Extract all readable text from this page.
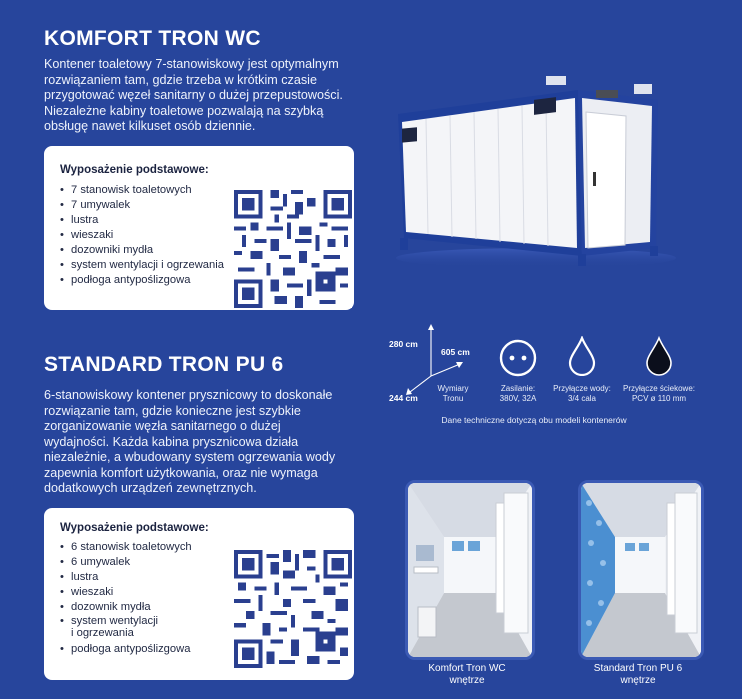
KOMFORT TRON WC
Kontener toaletowy 7-stanowiskowy jest optymalnym
rozwiązaniem tam, gdzie trzeba w krótkim czasie
przygotować węzeł sanitarny o dużej przepustowości.
Niezależne kabiny toaletowe pozwalają na szybką
obsługę nawet kilkuset osób dziennie.
Wyposażenie podstawowe:
• 7 stanowisk toaletowych
• 7 umywalek
• lustra
• wieszaki
• dozowniki mydła
• system wentylacji i ogrzewania
• podłoga antypoślizgowa
STANDARD TRON PU 6
6-stanowiskowy kontener prysznicowy to doskonałe
rozwiązanie tam, gdzie konieczne jest szybkie
zorganizowanie węzła sanitarnego o dużej
wydajności. Każda kabina prysznicowa działa
niezależnie, a wbudowany system ogrzewania wody
zapewnia komfort użytkowania, oraz nie wymaga
dodatkowych urządzeń zewnętrznych.
Wyposażenie podstawowe:
• 6 stanowisk toaletowych
• 6 umywalek
• lustra
• wieszaki
• dozownik mydła
• system wentylacji
i ogrzewania
• podłoga antypoślizgowa
280 cm
605 cm
244 cm
Wymiary
Tronu
Zasilanie:
380V, 32A
Przyłącze wody:
3/4 cala
Przyłącze ściekowe:
PCV ø 110 mm
Dane techniczne dotyczą obu modeli kontenerów
Komfort Tron WC
wnętrze
Standard Tron PU 6
wnętrze
